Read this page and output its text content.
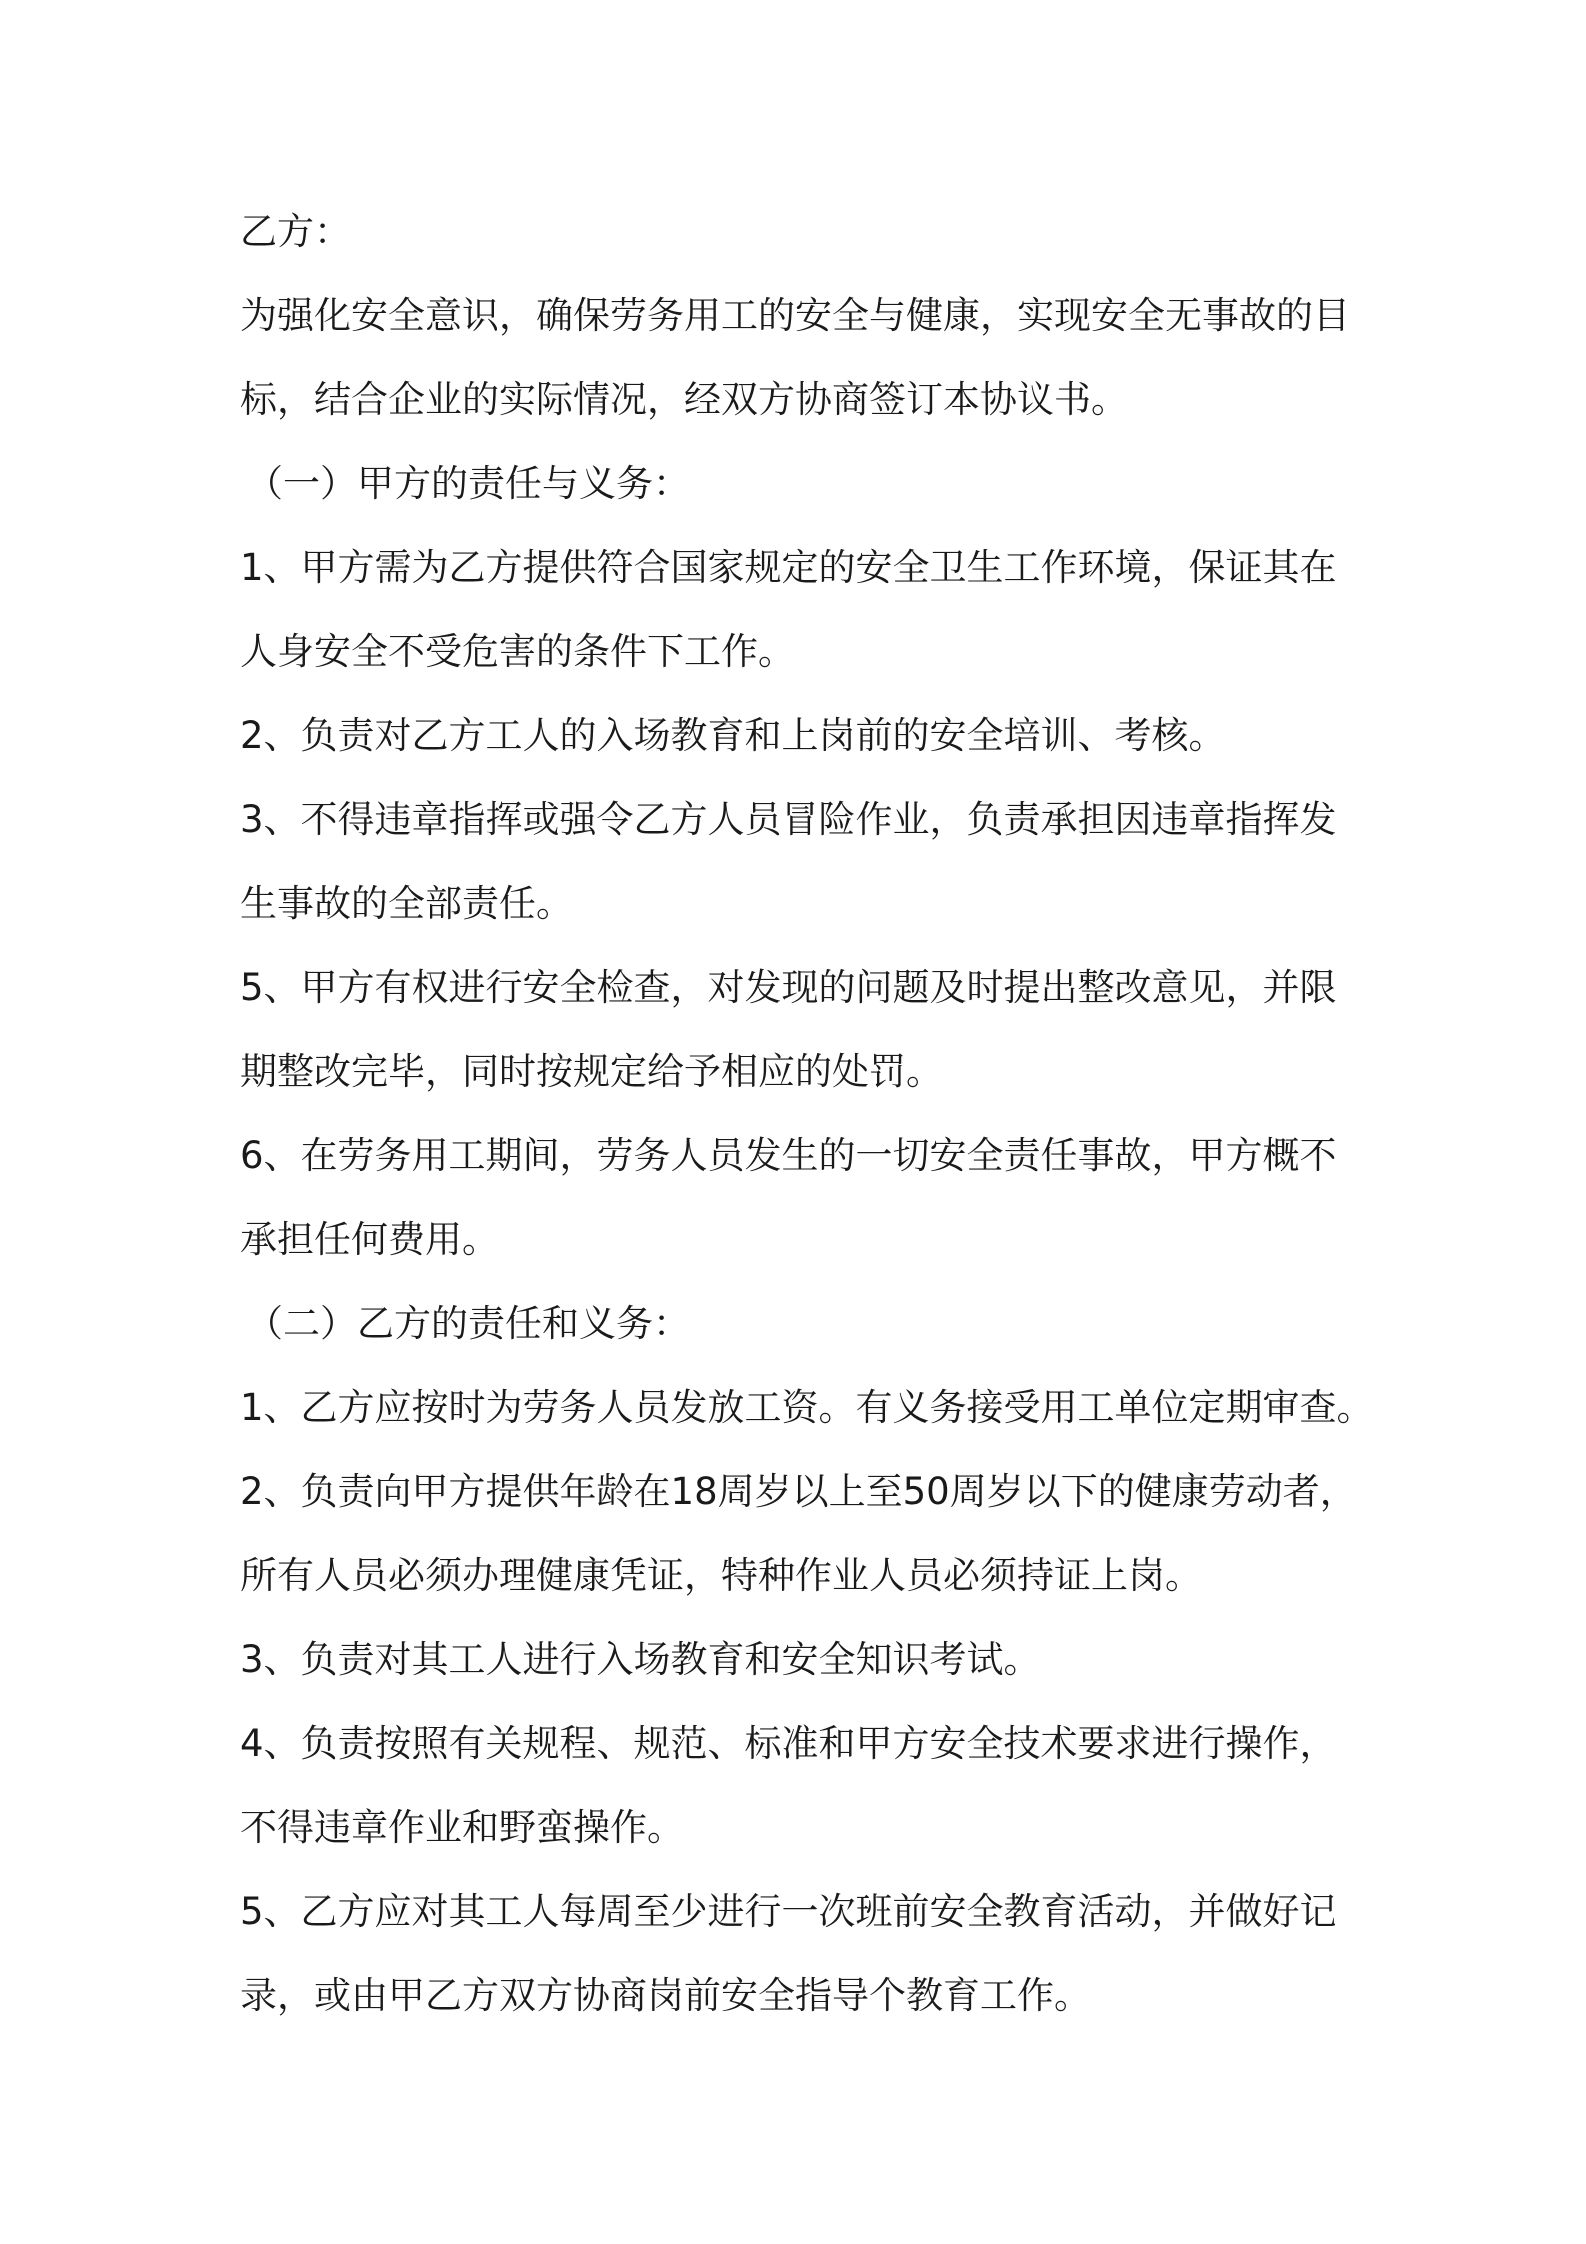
乙方：
为强化安全意识，确保劳务用工的安全与健康，实现安全无事故的目
标，结合企业的实际情况，经双方协商签订本协议书。
（一）甲方的责任与义务：
1、甲方需为乙方提供符合国家规定的安全卫生工作环境，保证其在
人身安全不受危害的条件下工作。
2、负责对乙方工人的入场教育和上岗前的安全培训、考核。
3、不得违章指挥或强令乙方人员冒险作业，负责承担因违章指挥发
生事故的全部责任。
5、甲方有权进行安全检查，对发现的问题及时提出整改意见，并限
期整改完毕，同时按规定给予相应的处罚。
6、在劳务用工期间，劳务人员发生的一切安全责任事故，甲方概不
承担任何费用。
（二）乙方的责任和义务：
1、乙方应按时为劳务人员发放工资。有义务接受用工单位定期审查。
2、负责向甲方提供年龄在18周岁以上至50周岁以下的健康劳动者，
所有人员必须办理健康凭证，特种作业人员必须持证上岗。
3、负责对其工人进行入场教育和安全知识考试。
4、负责按照有关规程、规范、标准和甲方安全技术要求进行操作，
不得违章作业和野蛮操作。
5、乙方应对其工人每周至少进行一次班前安全教育活动，并做好记
录，或由甲乙方双方协商岗前安全指导个教育工作。
